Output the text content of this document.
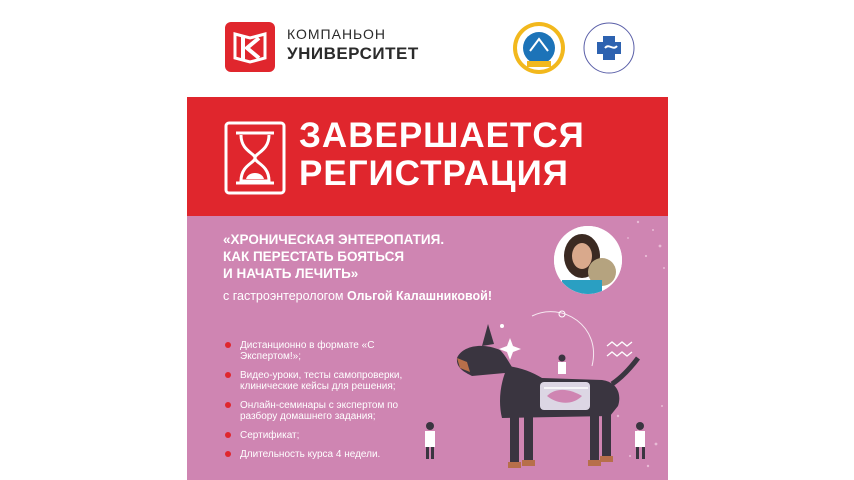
КОМПАНЬОН
УНИВЕРСИТЕТ
ЗАВЕРШАЕТСЯ
РЕГИСТРАЦИЯ
«ХРОНИЧЕСКАЯ ЭНТЕРОПАТИЯ.
КАК ПЕРЕСТАТЬ БОЯТЬСЯ
И НАЧАТЬ ЛЕЧИТЬ»
с гастроэнтерологом Ольгой Калашниковой!
Дистанционно в формате «С Экспертом!»;
Видео-уроки, тесты самопроверки, клинические кейсы для решения;
Онлайн-семинары с экспертом по разбору домашнего задания;
Сертификат;
Длительность курса 4 недели.
